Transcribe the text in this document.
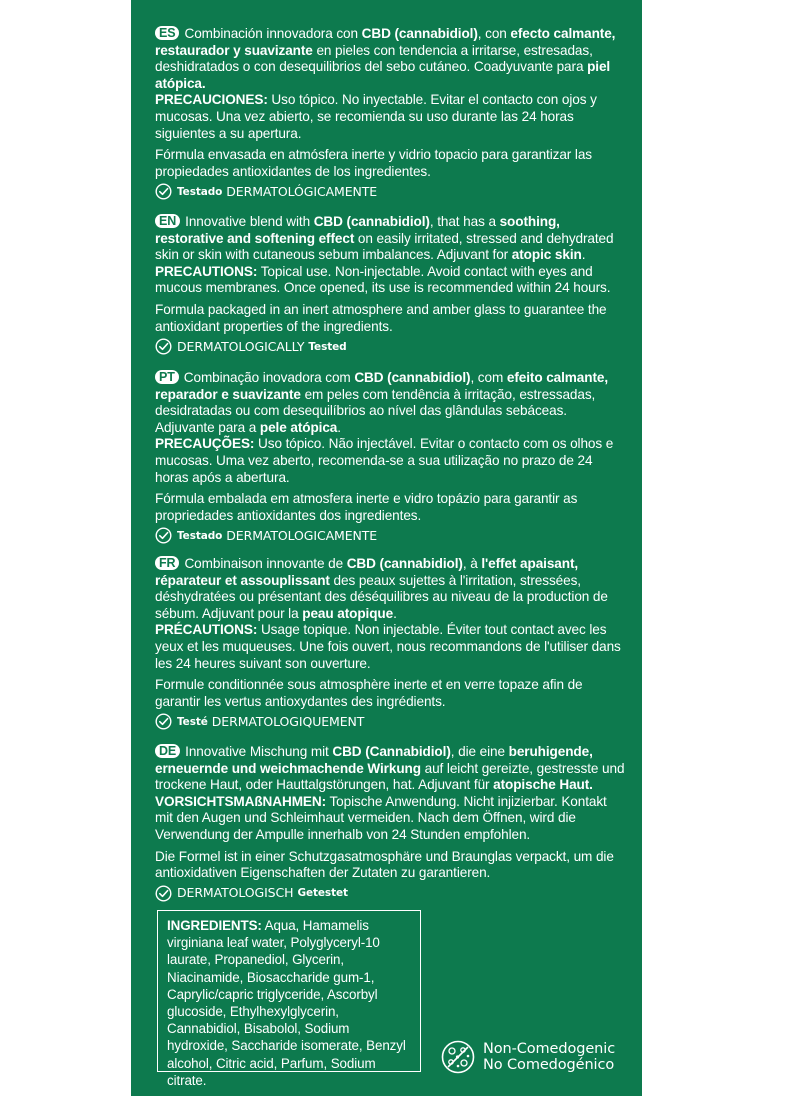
ES Combinación innovadora con CBD (cannabidiol), con efecto calmante, restaurador y suavizante en pieles con tendencia a irritarse, estresadas, deshidratados o con desequilibrios del sebo cutáneo. Coadyuvante para piel atópica.

PRECAUCIONES: Uso tópico. No inyectable. Evitar el contacto con ojos y mucosas. Una vez abierto, se recomienda su uso durante las 24 horas siguientes a su apertura.

Fórmula envasada en atmósfera inerte y vidrio topacio para garantizar las propiedades antioxidantes de los ingredientes.

Testado DERMATOLÓGICAMENTE

EN Innovative blend with CBD (cannabidiol), that has a soothing, restorative and softening effect on easily irritated, stressed and dehydrated skin or skin with cutaneous sebum imbalances. Adjuvant for atopic skin.

PRECAUTIONS: Topical use. Non-injectable. Avoid contact with eyes and mucous membranes. Once opened, its use is recommended within 24 hours.

Formula packaged in an inert atmosphere and amber glass to guarantee the antioxidant properties of the ingredients.

DERMATOLOGICALLY Tested

PT Combinação inovadora com CBD (cannabidiol), com efeito calmante, reparador e suavizante em peles com tendência à irritação, estressadas, desidratadas ou com desequilíbrios ao nível das glândulas sebáceas. Adjuvante para a pele atópica.

PRECAUÇÕES: Uso tópico. Não injectável. Evitar o contacto com os olhos e mucosas. Uma vez aberto, recomenda-se a sua utilização no prazo de 24 horas após a abertura.

Fórmula embalada em atmosfera inerte e vidro topázio para garantir as propriedades antioxidantes dos ingredientes.

Testado DERMATOLOGICAMENTE

FR Combinaison innovante de CBD (cannabidiol), à l'effet apaisant, réparateur et assouplissant des peaux sujettes à l'irritation, stressées, déshydratées ou présentant des déséquilibres au niveau de la production de sébum. Adjuvant pour la peau atopique.

PRÉCAUTIONS: Usage topique. Non injectable. Éviter tout contact avec les yeux et les muqueuses. Une fois ouvert, nous recommandons de l'utiliser dans les 24 heures suivant son ouverture.

Formule conditionnée sous atmosphère inerte et en verre topaze afin de garantir les vertus antioxydantes des ingrédients.

Testé DERMATOLOGIQUEMENT

DE Innovative Mischung mit CBD (Cannabidiol), die eine beruhigende, erneuernde und weichmachende Wirkung auf leicht gereizte, gestresste und trockene Haut, oder Hauttalgstörungen, hat. Adjuvant für atopische Haut.

VORSICHTSMAßNAHMEN: Topische Anwendung. Nicht injizierbar. Kontakt mit den Augen und Schleimhaut vermeiden. Nach dem Öffnen, wird die Verwendung der Ampulle innerhalb von 24 Stunden empfohlen.

Die Formel ist in einer Schutzgasatmosphäre und Braunglas verpackt, um die antioxidativen Eigenschaften der Zutaten zu garantieren.

DERMATOLOGISCH Getestet
INGREDIENTS: Aqua, Hamamelis virginiana leaf water, Polyglyceryl-10 laurate, Propanediol, Glycerin, Niacinamide, Biosaccharide gum-1, Caprylic/capric triglyceride, Ascorbyl glucoside, Ethylhexylglycerin, Cannabidiol, Bisabolol, Sodium hydroxide, Saccharide isomerate, Benzyl alcohol, Citric acid, Parfum, Sodium citrate.
Non-Comedogenic
No Comedogénico
